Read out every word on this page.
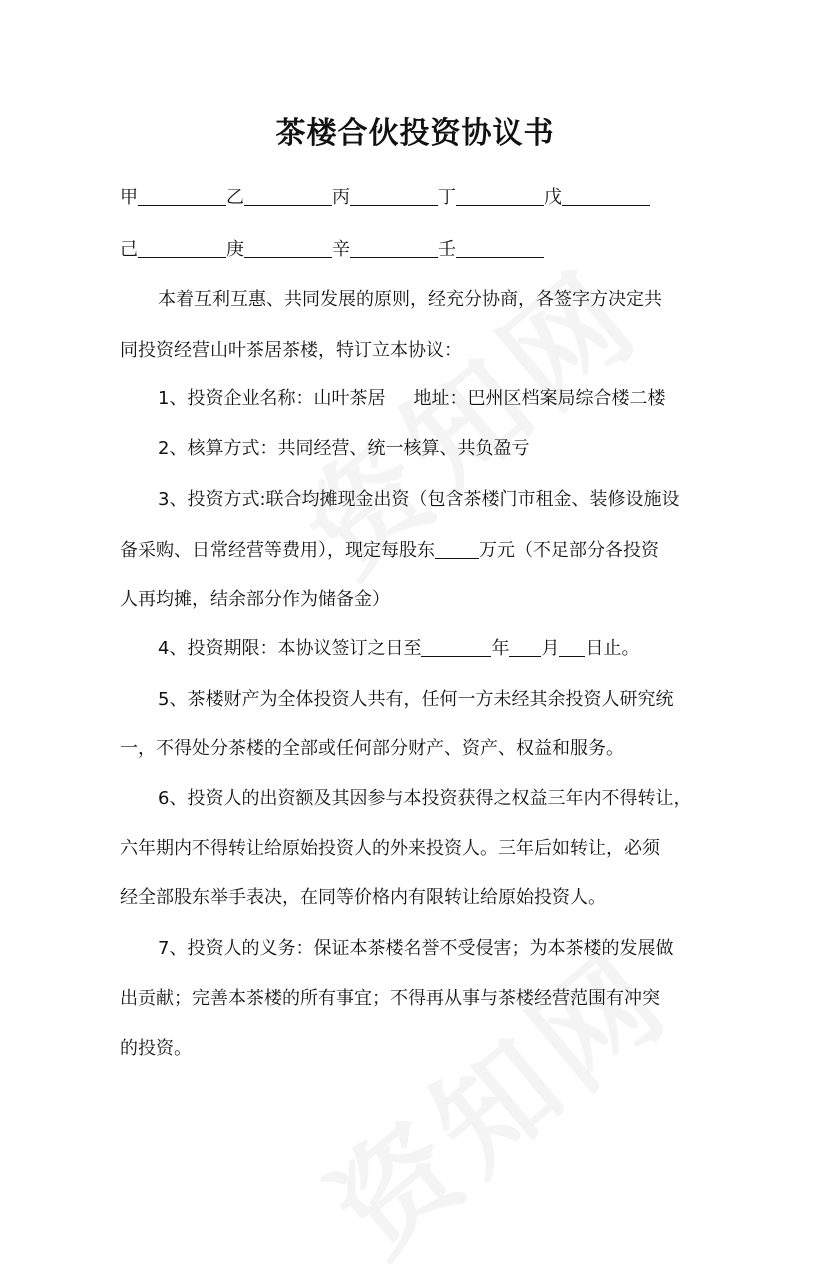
茶楼合伙投资协议书
甲	乙	丙	丁	戊
己	庚	辛	壬
本着互利互惠、共同发展的原则，经充分协商，各签字方决定共
同投资经营山叶茶居茶楼，特订立本协议：
1、投资企业名称：山叶茶居 地址：巴州区档案局综合楼二楼
2、核算方式：共同经营、统一核算、共负盈亏
3、投资方式:联合均摊现金出资（包含茶楼门市租金、装修设施设
备采购、日常经营等费用），现定每股东 万元（不足部分各投资
人再均摊，结余部分作为储备金）
4、投资期限：本协议签订之日至	年 月 日止。
5、茶楼财产为全体投资人共有，任何一方未经其余投资人研究统
一，不得处分茶楼的全部或任何部分财产、资产、权益和服务。
6、投资人的出资额及其因参与本投资获得之权益三年内不得转让，
六年期内不得转让给原始投资人的外来投资人。三年后如转让，必须
经全部股东举手表决，在同等价格内有限转让给原始投资人。
7、投资人的义务：保证本茶楼名誉不受侵害；为本茶楼的发展做
出贡献；完善本茶楼的所有事宜；不得再从事与茶楼经营范围有冲突
的投资。
